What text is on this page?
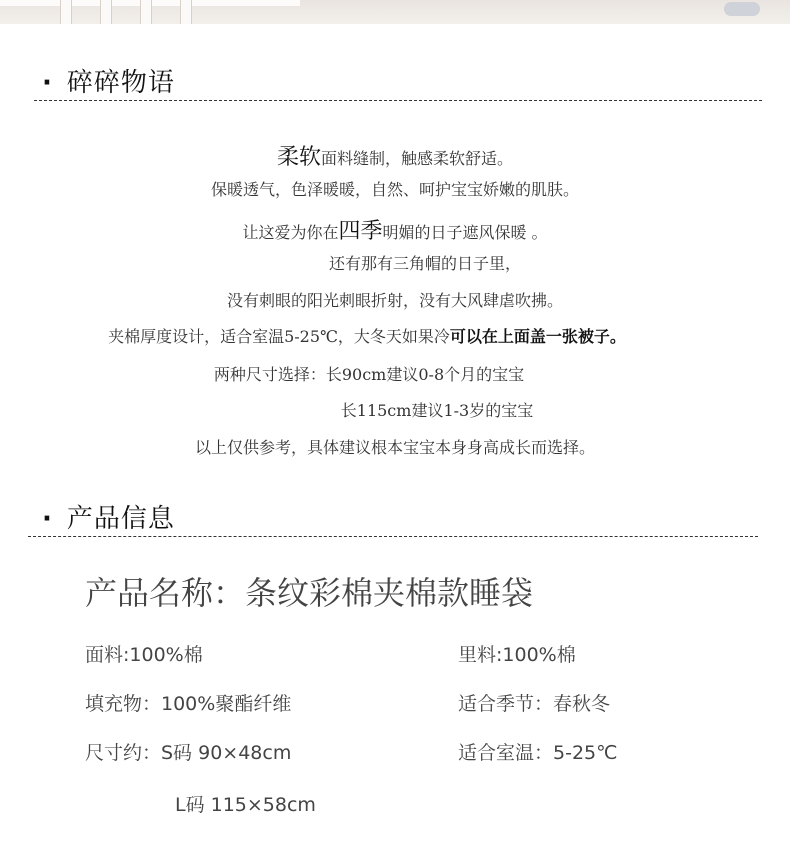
· 碎碎物语
柔软面料缝制，触感柔软舒适。
保暖透气，色泽暖暖，自然、呵护宝宝娇嫩的肌肤。
让这爱为你在四季明媚的日子遮风保暖 。
还有那有三角帽的日子里，
没有刺眼的阳光刺眼折射，没有大风肆虐吹拂。
夹棉厚度设计，适合室温5-25℃，大冬天如果冷可以在上面盖一张被子。
两种尺寸选择：长90cm建议0-8个月的宝宝
长115cm建议1-3岁的宝宝
以上仅供参考，具体建议根本宝宝本身身高成长而选择。
· 产品信息
产品名称：条纹彩棉夹棉款睡袋
面料:100%棉	里料:100%棉
填充物：100%聚酯纤维	适合季节：春秋冬
尺寸约：S码 90×48cm	适合室温：5-25℃
L码 115×58cm
